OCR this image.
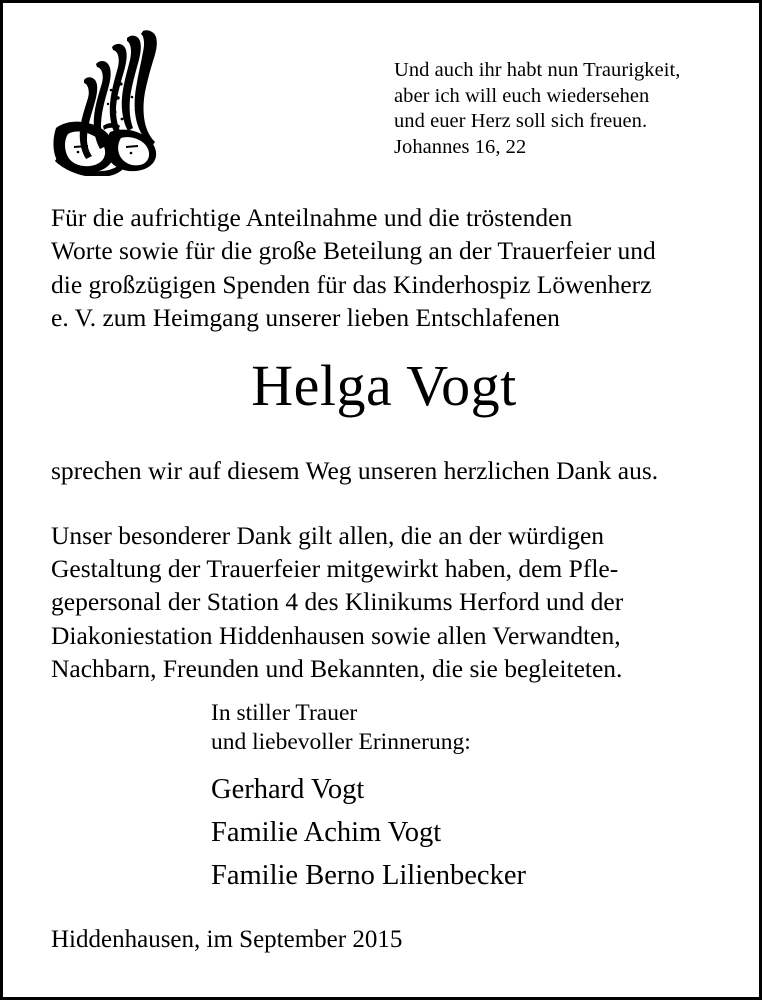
Und auch ihr habt nun Traurigkeit,
aber ich will euch wiedersehen
und euer Herz soll sich freuen.
Johannes 16, 22
Für die aufrichtige Anteilnahme und die tröstenden
Worte sowie für die große Beteilung an der Trauerfeier und
die großzügigen Spenden für das Kinderhospiz Löwenherz
e. V. zum Heimgang unserer lieben Entschlafenen
Helga Vogt
sprechen wir auf diesem Weg unseren herzlichen Dank aus.
Unser besonderer Dank gilt allen, die an der würdigen
Gestaltung der Trauerfeier mitgewirkt haben, dem Pfle-
gepersonal der Station 4 des Klinikums Herford und der
Diakoniestation Hiddenhausen sowie allen Verwandten,
Nachbarn, Freunden und Bekannten, die sie begleiteten.
In stiller Trauer
und liebevoller Erinnerung:
Gerhard Vogt
Familie Achim Vogt
Familie Berno Lilienbecker
Hiddenhausen, im September 2015
